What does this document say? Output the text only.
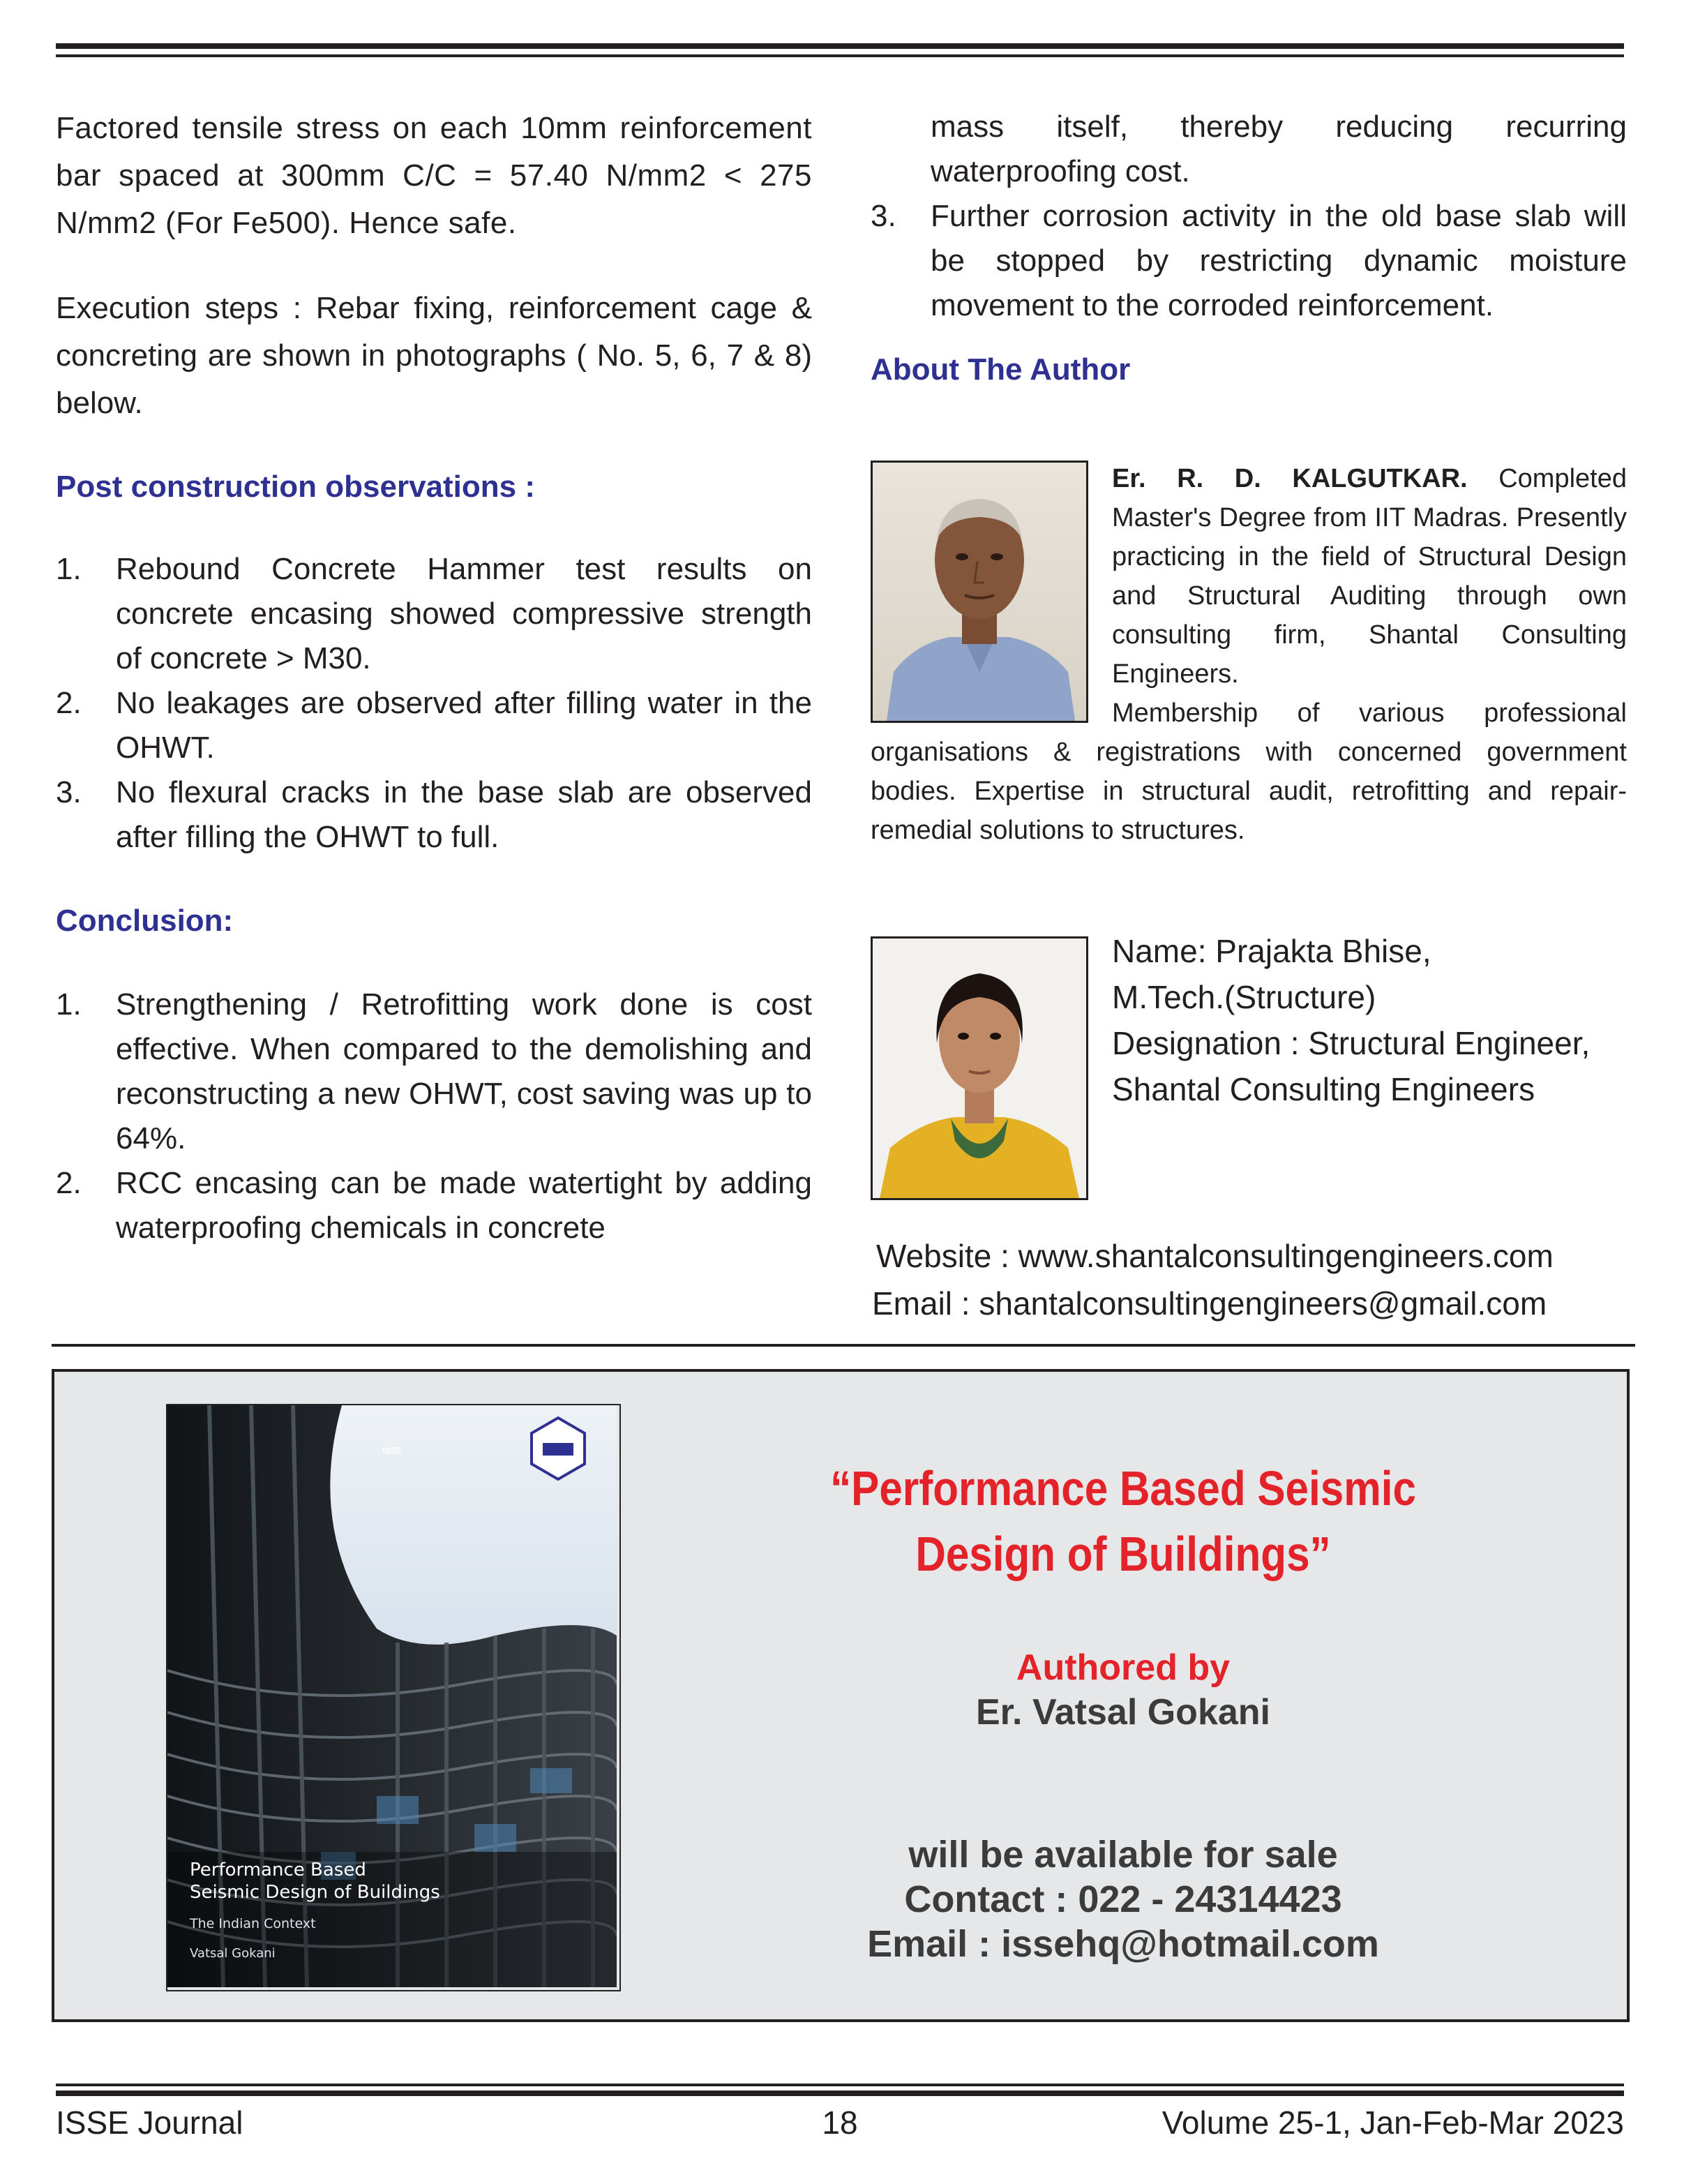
Factored tensile stress on each 10mm reinforcement bar spaced at 300mm C/C = 57.40 N/mm2 < 275 N/mm2 (For Fe500). Hence safe.

Execution steps : Rebar fixing, reinforcement cage & concreting are shown in photographs ( No. 5, 6, 7 & 8) below.

Post construction observations :

1. Rebound Concrete Hammer test results on concrete encasing showed compressive strength of concrete > M30.
2. No leakages are observed after filling water in the OHWT.
3. No flexural cracks in the base slab are observed after filling the OHWT to full.

Conclusion:

1. Strengthening / Retrofitting work done is cost effective. When compared to the demolishing and reconstructing a new OHWT, cost saving was up to 64%.
2. RCC encasing can be made watertight by adding waterproofing chemicals in concrete

mass itself, thereby reducing recurring waterproofing cost.

3. Further corrosion activity in the old base slab will be stopped by restricting dynamic moisture movement to the corroded reinforcement.

About The Author

Er. R. D. KALGUTKAR. Completed Master's Degree from IIT Madras. Presently practicing in the field of Structural Design and Structural Auditing through own consulting firm, Shantal Consulting Engineers.
Membership of various professional organisations & registrations with concerned government bodies. Expertise in structural audit, retrofitting and repair-remedial solutions to structures.
Name: Prajakta Bhise,
M.Tech.(Structure)
Designation : Structural Engineer,
Shantal Consulting Engineers
Website : www.shantalconsultingengineers.com
Email : shantalconsultingengineers@gmail.com
ISSE
Performance Based
Seismic Design of Buildings
The Indian Context
Vatsal Gokani
“Performance Based Seismic
Design of Buildings”
Authored by
Er. Vatsal Gokani
will be available for sale
Contact : 022 - 24314423
Email : issehq@hotmail.com
ISSE Journal	18	Volume 25-1, Jan-Feb-Mar 2023
